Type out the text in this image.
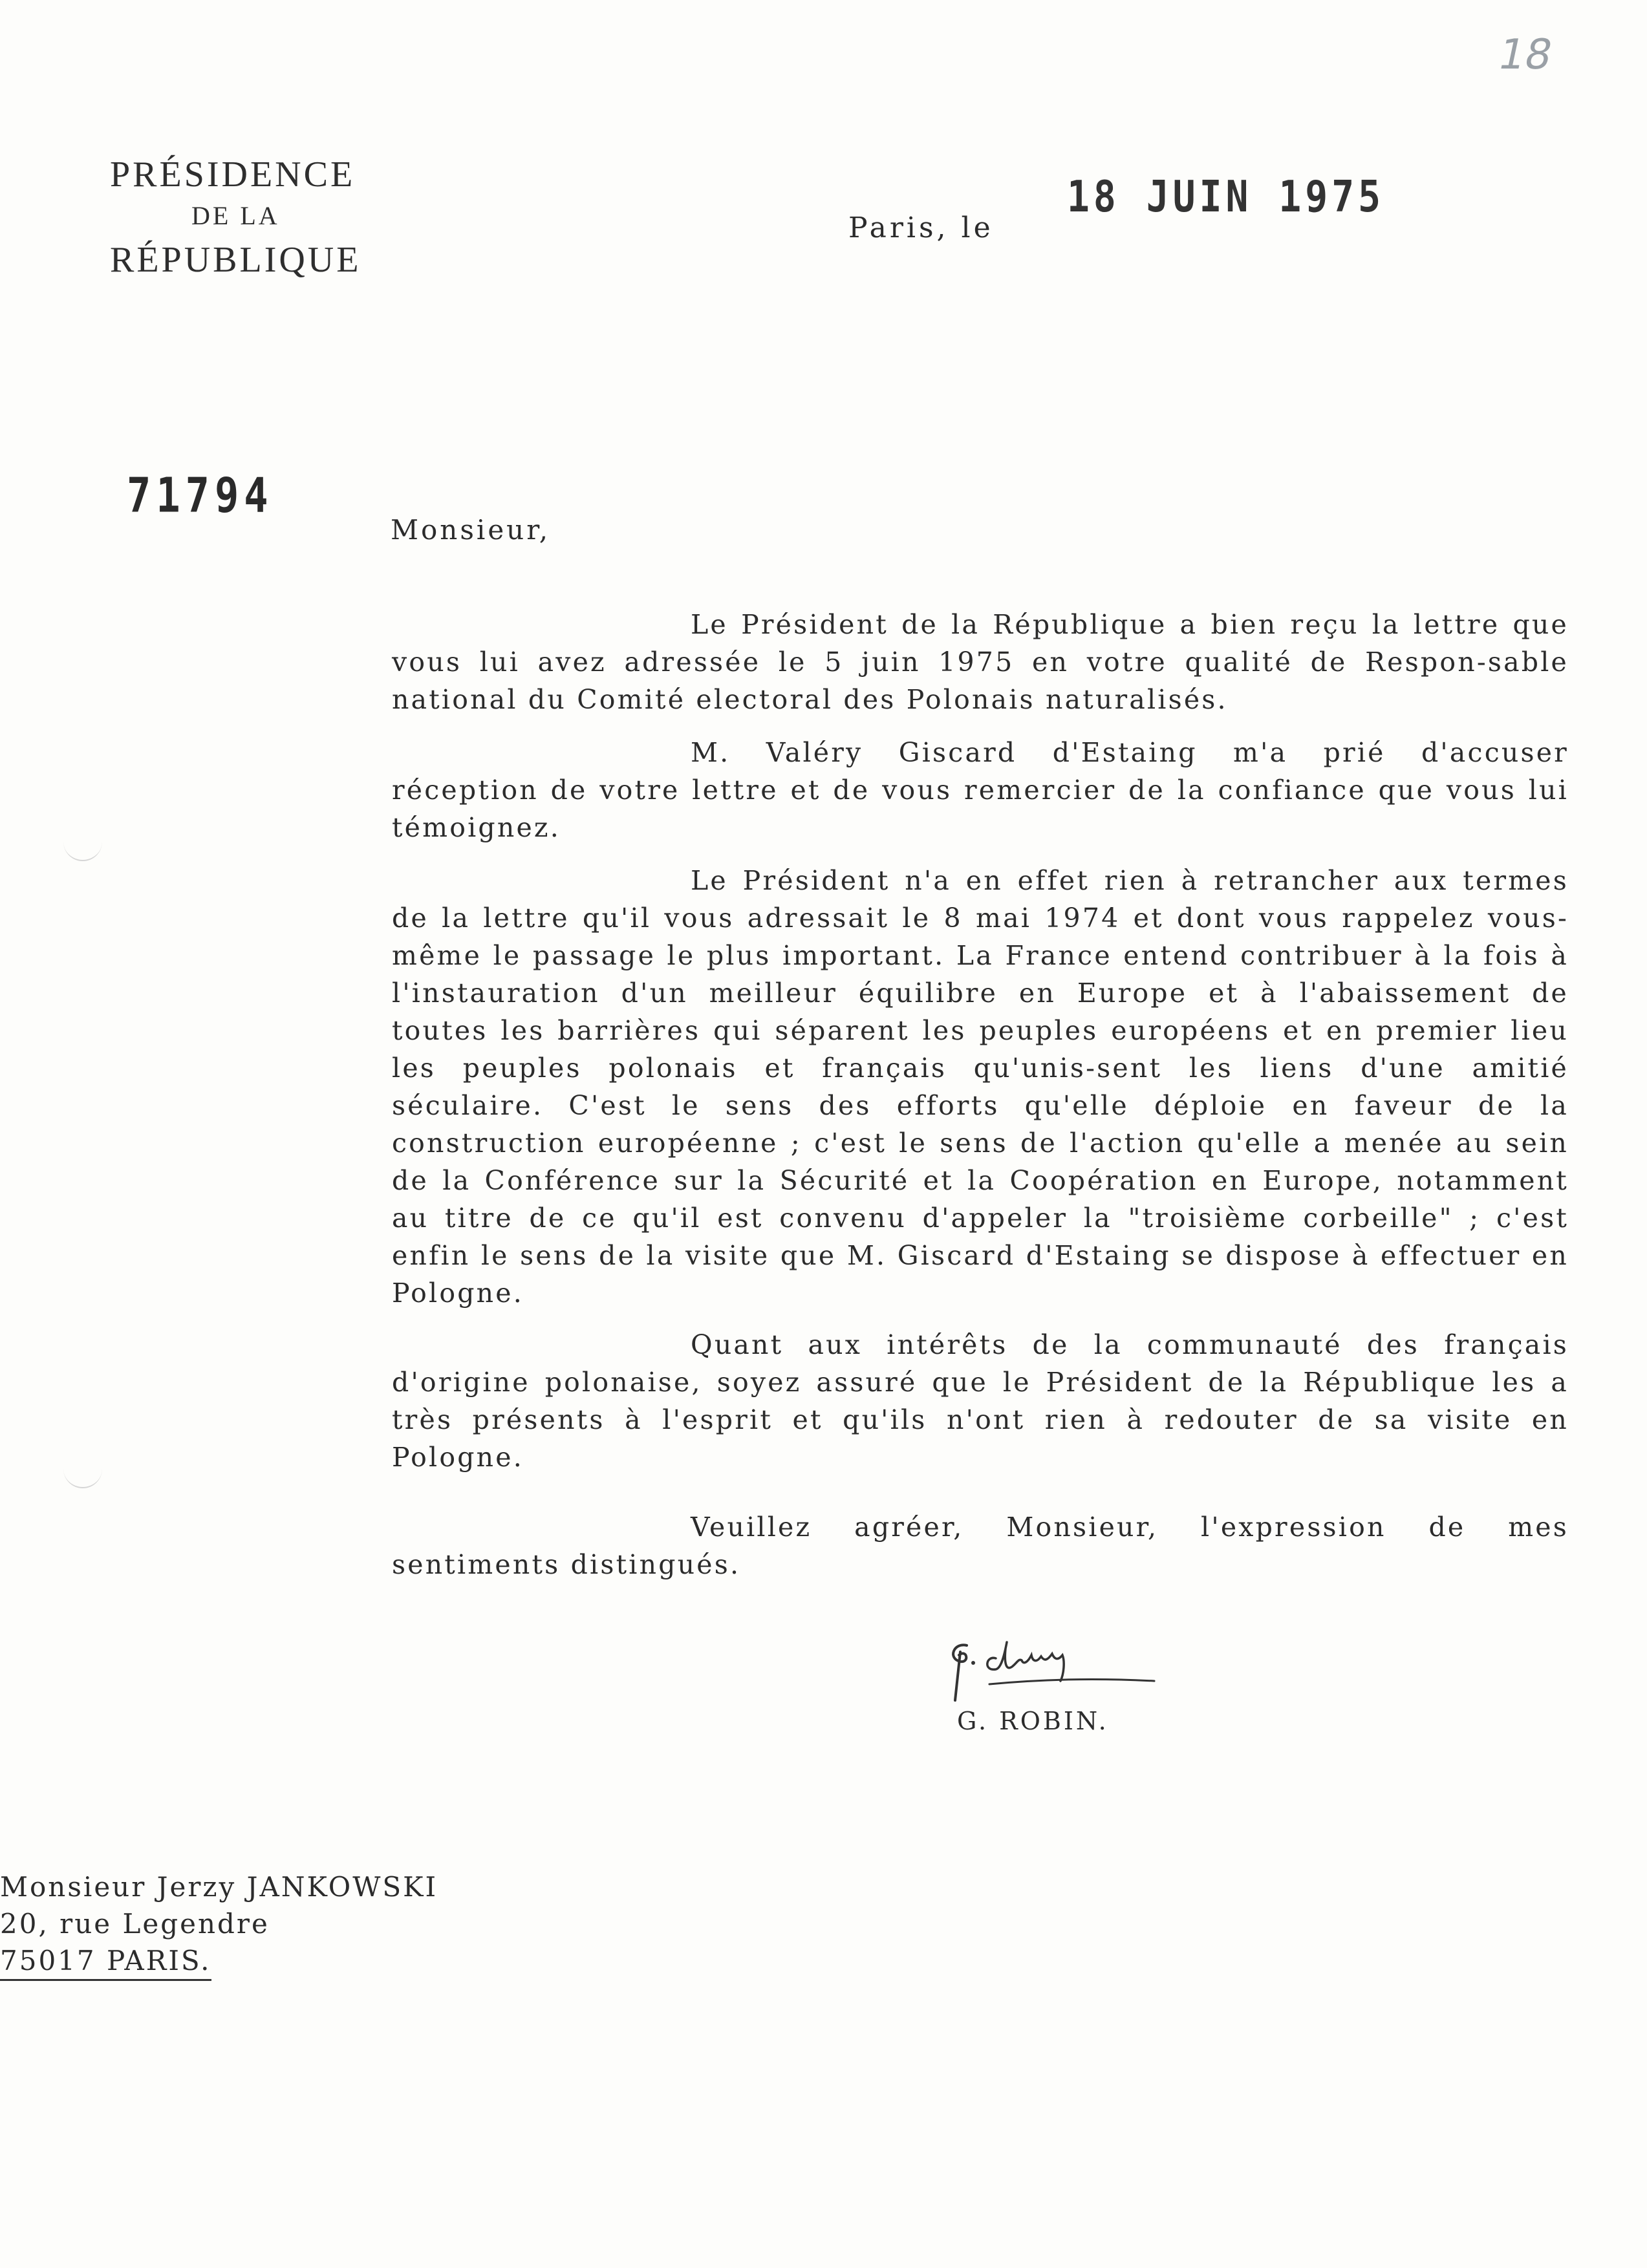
18
PRÉSIDENCE
DE LA
RÉPUBLIQUE
Paris, le
18 JUIN 1975
71794
Monsieur,
Le Président de la République a bien reçu la lettre que vous lui avez adressée le 5 juin 1975 en votre qualité de Respon-sable national du Comité electoral des Polonais naturalisés.
M. Valéry Giscard d'Estaing m'a prié d'accuser réception de votre lettre et de vous remercier de la confiance que vous lui témoignez.
Le Président n'a en effet rien à retrancher aux termes de la lettre qu'il vous adressait le 8 mai 1974 et dont vous rappelez vous-même le passage le plus important. La France entend contribuer à la fois à l'instauration d'un meilleur équilibre en Europe et à l'abaissement de toutes les barrières qui séparent les peuples européens et en premier lieu les peuples polonais et français qu'unis-sent les liens d'une amitié séculaire. C'est le sens des efforts qu'elle déploie en faveur de la construction européenne ; c'est le sens de l'action qu'elle a menée au sein de la Conférence sur la Sécurité et la Coopération en Europe, notamment au titre de ce qu'il est convenu d'appeler la "troisième corbeille" ; c'est enfin le sens de la visite que M. Giscard d'Estaing se dispose à effectuer en Pologne.
Quant aux intérêts de la communauté des français d'origine polonaise, soyez assuré que le Président de la République les a très présents à l'esprit et qu'ils n'ont rien à redouter de sa visite en Pologne.
Veuillez agréer, Monsieur, l'expression de mes sentiments distingués.
G. ROBIN.
Monsieur Jerzy JANKOWSKI
20, rue Legendre
75017 PARIS.
